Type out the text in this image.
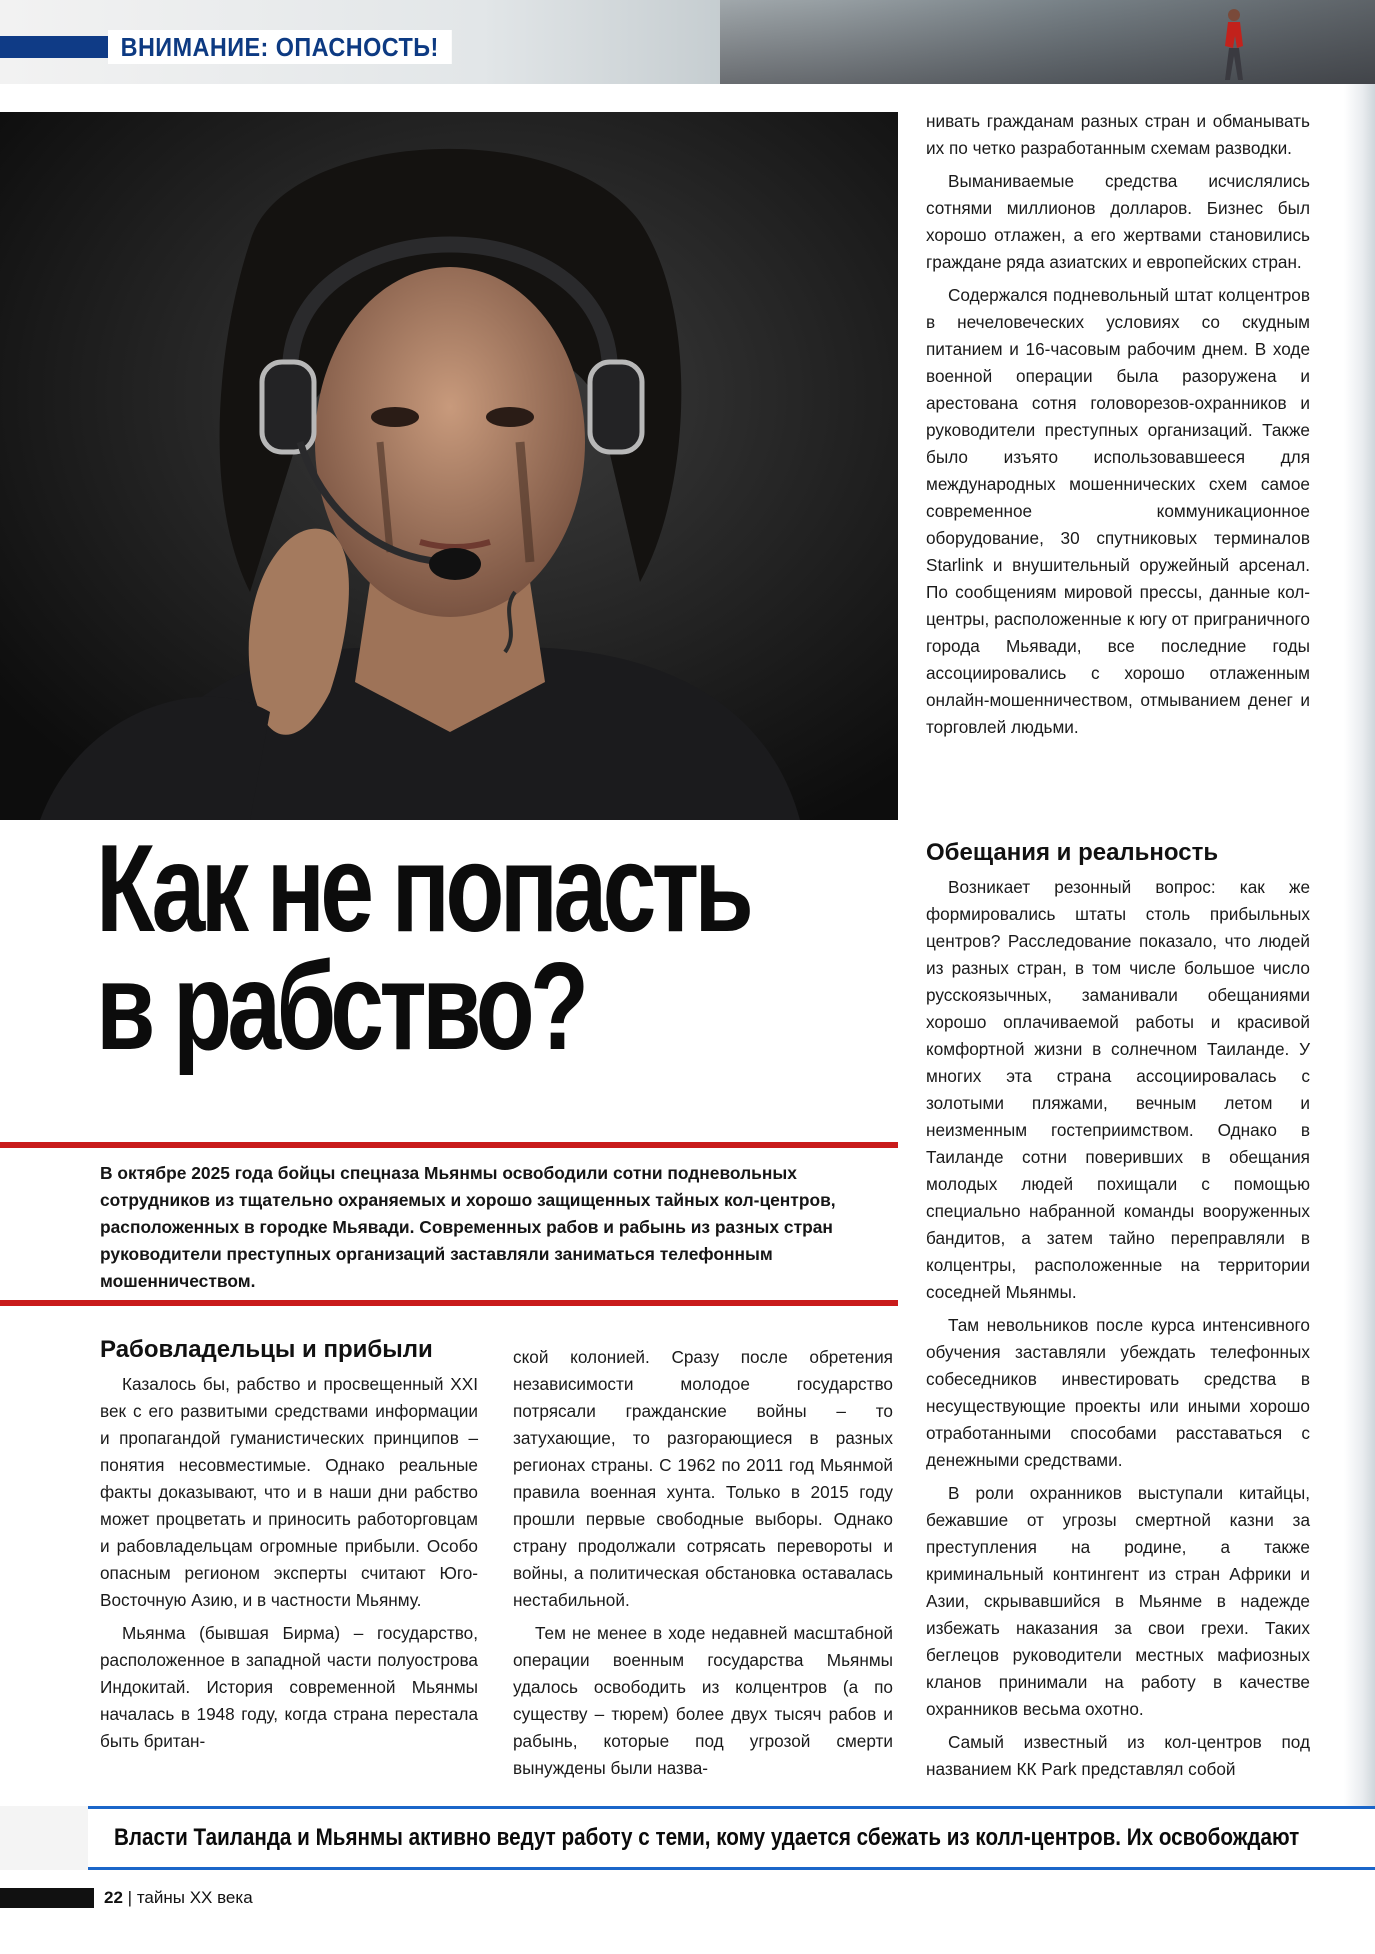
ВНИМАНИЕ: ОПАСНОСТЬ!

нивать гражданам разных стран и обманывать их по четко разработанным схемам разводки.

Выманиваемые средства исчислялись сотнями миллионов долларов. Бизнес был хорошо отлажен, а его жертвами становились граждане ряда азиатских и европейских стран.

Содержался подневольный штат колцентров в нечеловеческих условиях со скудным питанием и 16-часовым рабочим днем. В ходе военной операции была разоружена и арестована сотня головорезов-охранников и руководители преступных организаций. Также было изъято использовавшееся для международных мошеннических схем самое современное коммуникационное оборудование, 30 спутниковых терминалов Starlink и внушительный оружейный арсенал. По сообщениям мировой прессы, данные кол-центры, расположенные к югу от приграничного города Мьявади, все последние годы ассоциировались с хорошо отлаженным онлайн-мошенничеством, отмыванием денег и торговлей людьми.

Как не попасть
в рабство?
В октябре 2025 года бойцы спецназа Мьянмы освободили сотни подневольных сотрудников из тщательно охраняемых и хорошо защищенных тайных кол-центров, расположенных в городке Мьявади. Современных рабов и рабынь из разных стран руководители преступных организаций заставляли заниматься телефонным мошенничеством.
Рабовладельцы и прибыли

Казалось бы, рабство и просвещенный XXI век с его развитыми средствами информации и пропагандой гуманистических принципов – понятия несовместимые. Однако реальные факты доказывают, что и в наши дни рабство может процветать и приносить работорговцам и рабовладельцам огромные прибыли. Особо опасным регионом эксперты считают Юго-Восточную Азию, и в частности Мьянму.

Мьянма (бывшая Бирма) – государство, расположенное в западной части полуострова Индокитай. История современной Мьянмы началась в 1948 году, когда страна перестала быть британ-

ской колонией. Сразу после обретения независимости молодое государство потрясали гражданские войны – то затухающие, то разгорающиеся в разных регионах страны. С 1962 по 2011 год Мьянмой правила военная хунта. Только в 2015 году прошли первые свободные выборы. Однако страну продолжали сотрясать перевороты и войны, а политическая обстановка оставалась нестабильной.

Тем не менее в ходе недавней масштабной операции военным государства Мьянмы удалось освободить из колцентров (а по существу – тюрем) более двух тысяч рабов и рабынь, которые под угрозой смерти вынуждены были назва-

Обещания и реальность

Возникает резонный вопрос: как же формировались штаты столь прибыльных центров? Расследование показало, что людей из разных стран, в том числе большое число русскоязычных, заманивали обещаниями хорошо оплачиваемой работы и красивой комфортной жизни в солнечном Таиланде. У многих эта страна ассоциировалась с золотыми пляжами, вечным летом и неизменным гостеприимством. Однако в Таиланде сотни поверивших в обещания молодых людей похищали с помощью специально набранной команды вооруженных бандитов, а затем тайно переправляли в колцентры, расположенные на территории соседней Мьянмы.

Там невольников после курса интенсивного обучения заставляли убеждать телефонных собеседников инвестировать средства в несуществующие проекты или иными хорошо отработанными способами расставаться с денежными средствами.

В роли охранников выступали китайцы, бежавшие от угрозы смертной казни за преступления на родине, а также криминальный контингент из стран Африки и Азии, скрывавшийся в Мьянме в надежде избежать наказания за свои грехи. Таких беглецов руководители местных мафиозных кланов принимали на работу в качестве охранников весьма охотно.

Самый известный из кол-центров под названием КК Park представлял собой

Власти Таиланда и Мьянмы активно ведут работу с теми, кому удается сбежать из колл-центров. Их освобождают
22 | тайны XX века
